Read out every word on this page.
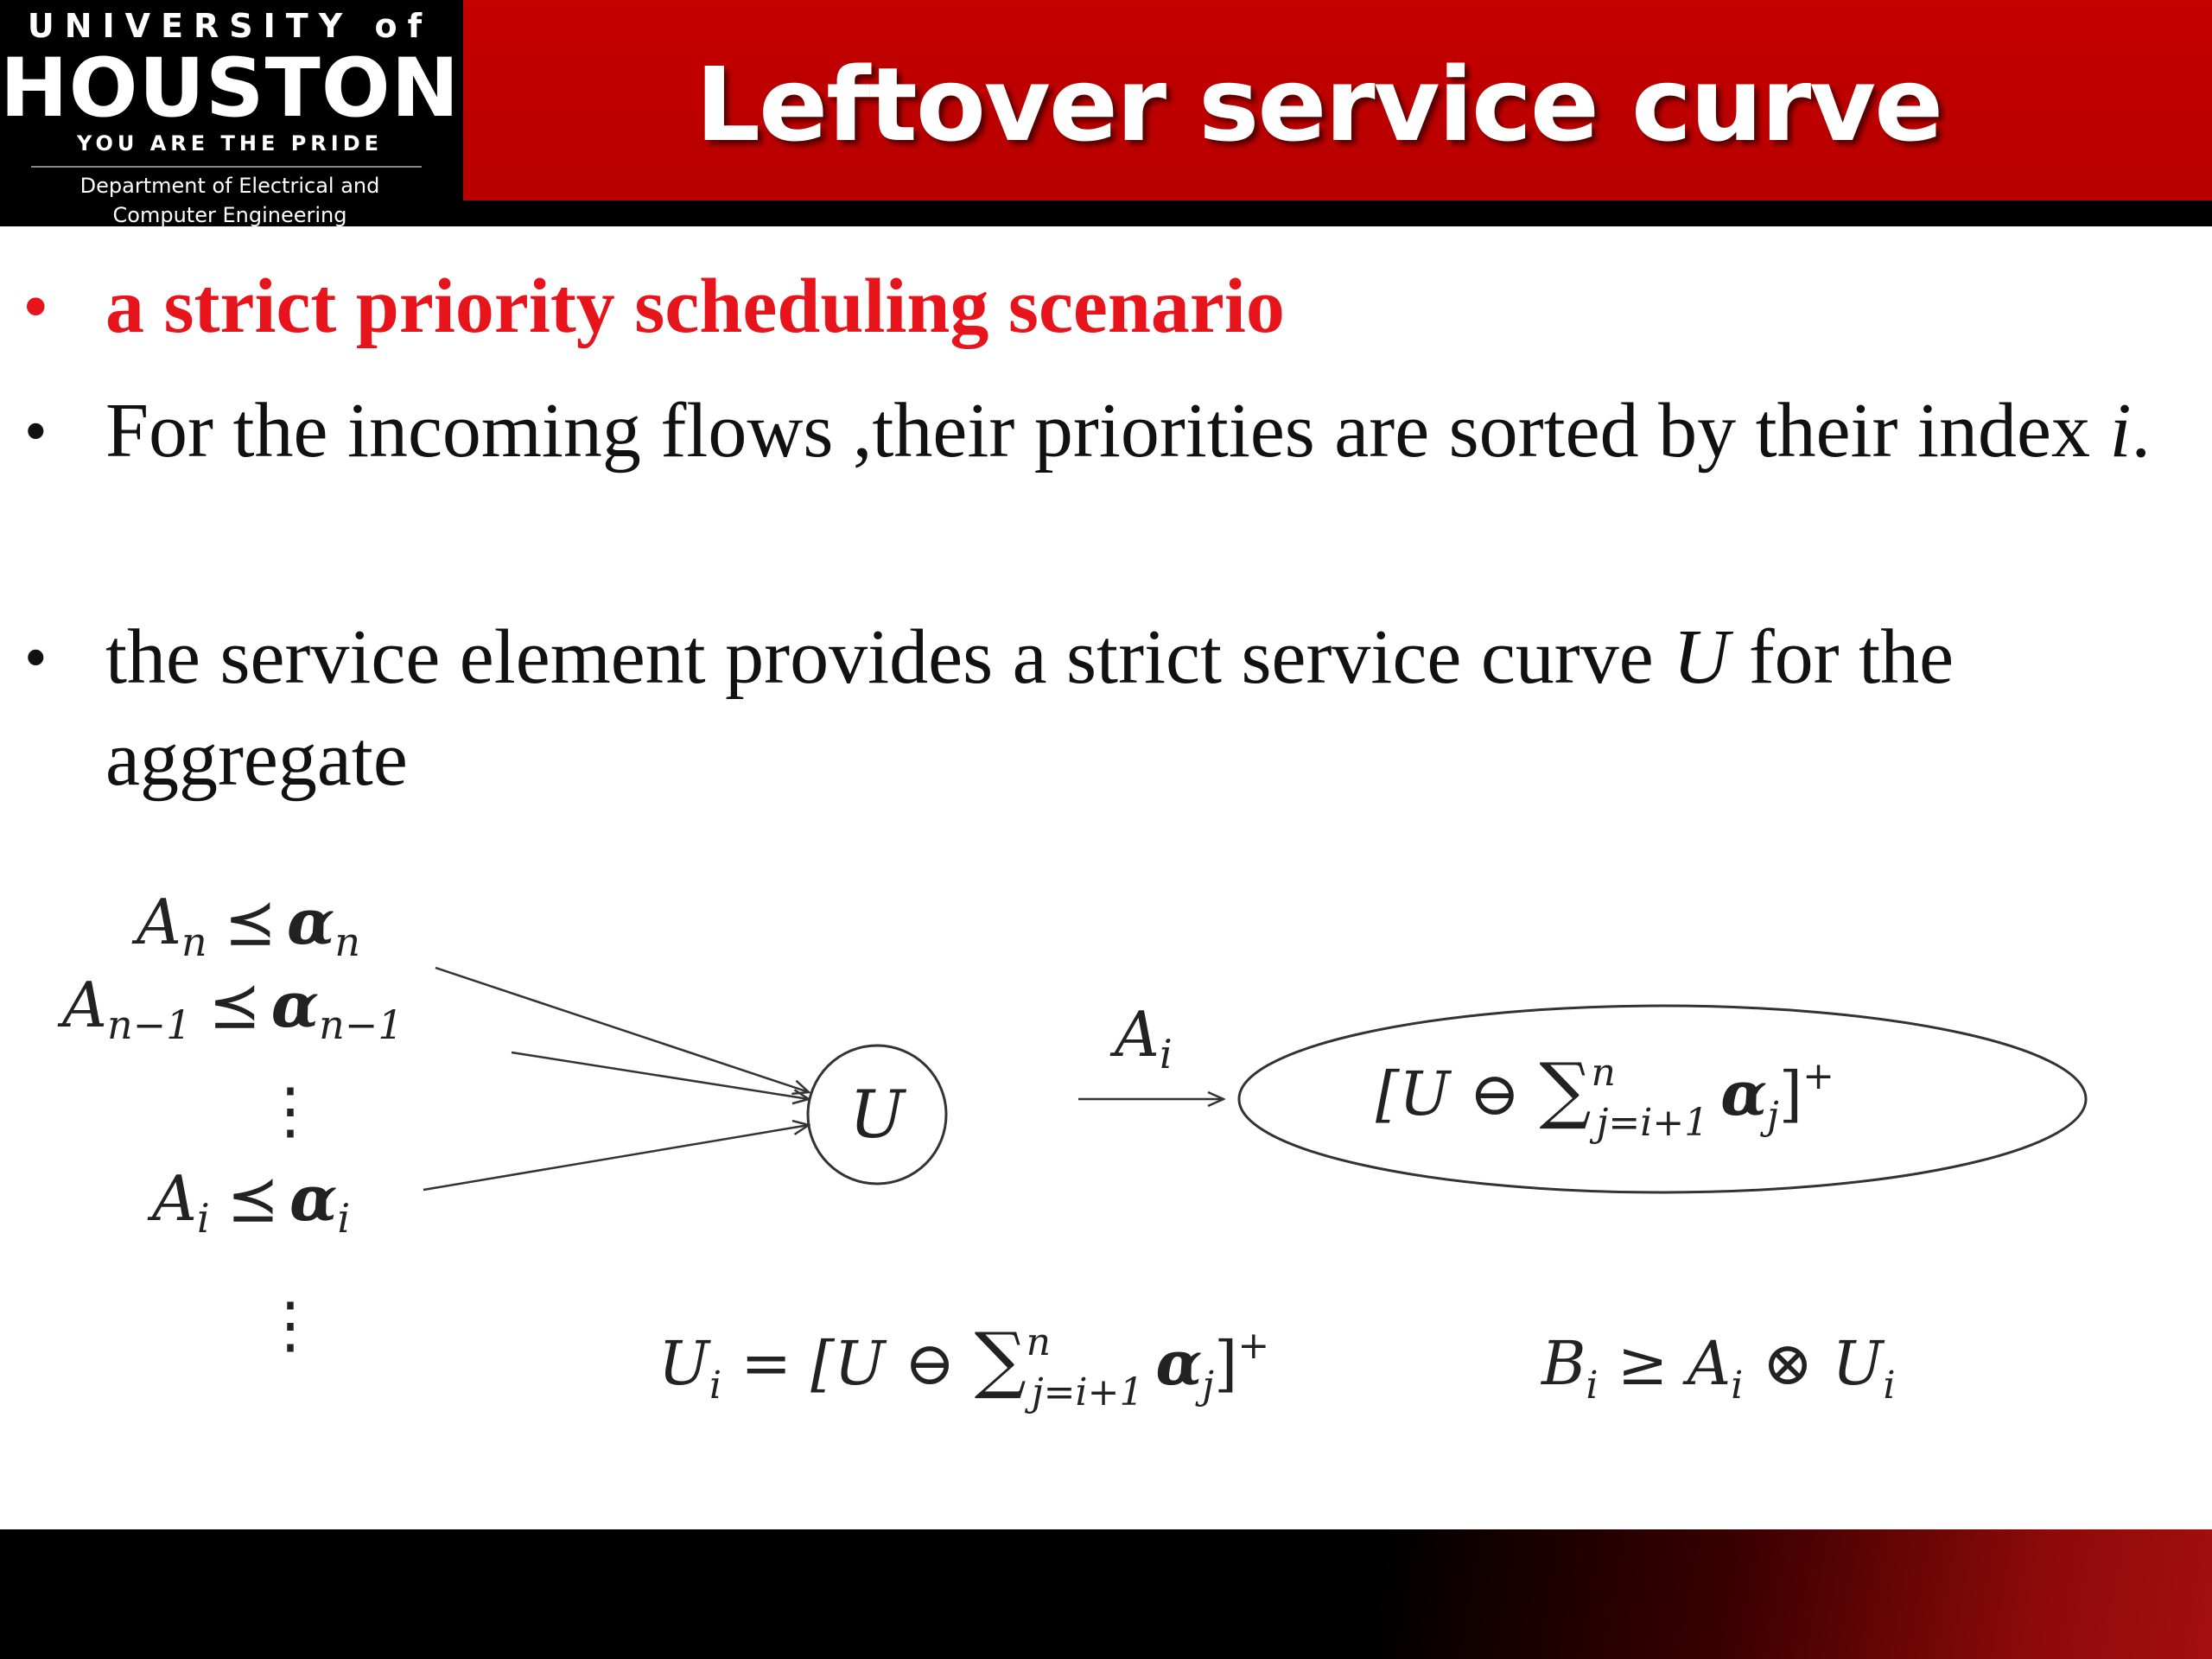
UNIVERSITY of
HOUSTON
YOU ARE THE PRIDE
Department of Electrical and
Computer Engineering
Leftover service curve
• a strict priority scheduling scenario
• For the incoming flows ,their priorities are sorted by their index i.
• the service element provides a strict service curve U for the aggregate
An ⪯ αn
An−1 ⪯ αn−1
⋮
Ai ⪯ αi
⋮
U
Ai
[U ⊖ ∑$^n$ j=i+1 $\alpha_j]^+$
$U_i = [U$ ⊖ ∑$^n$ j=i+1 $\alpha_j]^+$	$B_i \ge A_i$ ⊗ $U_i$
